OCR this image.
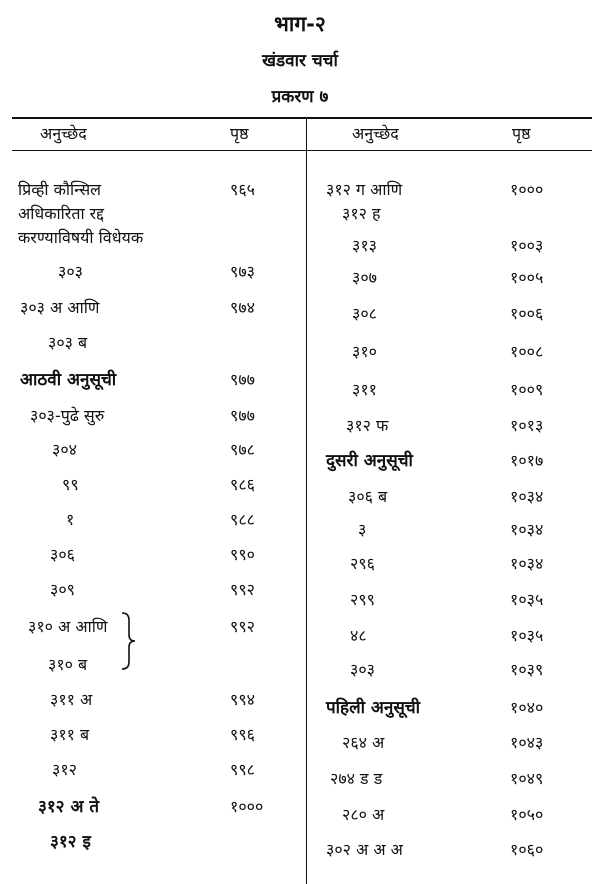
भाग-२
खंडवार चर्चा
प्रकरण ७
अनुच्छेद	पृष्ठ	अनुच्छेद	पृष्ठ
प्रिव्ही कौन्सिल	९६५
अधिकारिता रद्द
करण्याविषयी विधेयक
३०३	९७३
३०३ अ आणि	९७४
३०३ ब
आठवी अनुसूची	९७७
३०३-पुढे सुरु	९७७
३०४	९७८
९९	९८६
१	९८८
३०६	९९०
३०९	९९२
३१० अ आणि	९९२
३१० ब
३११ अ	९९४
३११ ब	९९६
३१२	९९८
३१२ अ ते	१०००
३१२ इ
३१२ ग आणि	१०००
३१२ ह
३१३	१००३
३०७	१००५
३०८	१००६
३१०	१००८
३११	१००९
३१२ फ	१०१३
दुसरी अनुसूची	१०१७
३०६ ब	१०३४
३	१०३४
२९६	१०३४
२९९	१०३५
४८	१०३५
३०३	१०३९
पहिली अनुसूची	१०४०
२६४ अ	१०४३
२७४ ड ड	१०४९
२८० अ	१०५०
३०२ अ अ अ	१०६०
